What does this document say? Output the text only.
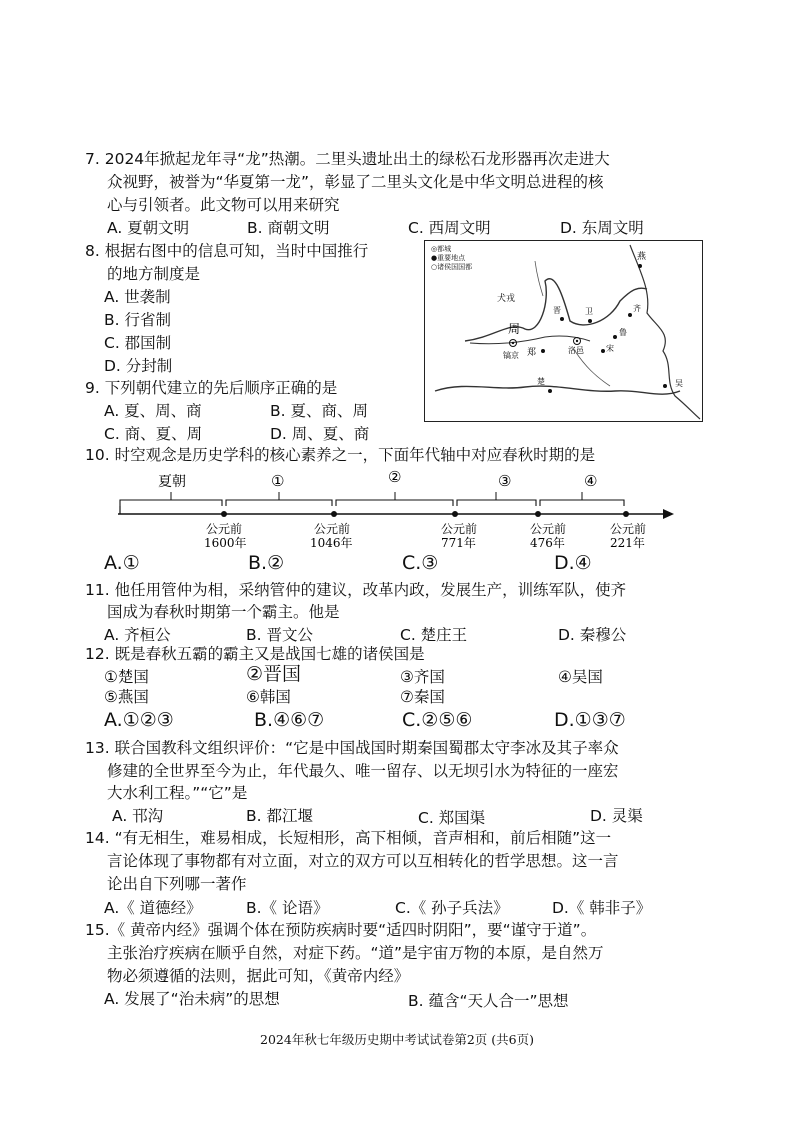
7. 2024年掀起龙年寻“龙”热潮。二里头遗址出土的绿松石龙形器再次走进大
众视野，被誉为“华夏第一龙”，彰显了二里头文化是中华文明总进程的核
心与引领者。此文物可以用来研究
A. 夏朝文明	B. 商朝文明	C. 西周文明	D. 东周文明
8. 根据右图中的信息可知，当时中国推行
的地方制度是
A. 世袭制
B. 行省制
C. 郡国制
D. 分封制
燕
犬戎
周
镐京 郑
晋	卫
洛邑
齐
鲁
宋
楚	吴
◎都城
●重要地点
○诸侯国国都
9. 下列朝代建立的先后顺序正确的是
A. 夏、周、商	B. 夏、商、周
C. 商、夏、周	D. 周、夏、商
10. 时空观念是历史学科的核心素养之一，下面年代轴中对应春秋时期的是
夏朝	①	②	③	④
公元前
1600年
公元前
1046年
公元前
771年
公元前
476年
公元前
221年
A.①	B.②	C.③	D.④
11. 他任用管仲为相，采纳管仲的建议，改革内政，发展生产，训练军队，使齐
国成为春秋时期第一个霸主。他是
A. 齐桓公	B. 晋文公	C. 楚庄王	D. 秦穆公
12. 既是春秋五霸的霸主又是战国七雄的诸侯国是
①楚国	②晋国	③齐国	④吴国
⑤燕国	⑥韩国	⑦秦国
A.①②③	B.④⑥⑦	C.②⑤⑥	D.①③⑦
13. 联合国教科文组织评价：“它是中国战国时期秦国蜀郡太守李冰及其子率众
修建的全世界至今为止，年代最久、唯一留存、以无坝引水为特征的一座宏
大水利工程。”“它”是
A. 邗沟	B. 都江堰	C. 郑国渠	D. 灵渠
14. “有无相生，难易相成，长短相形，高下相倾，音声相和，前后相随”这一
言论体现了事物都有对立面，对立的双方可以互相转化的哲学思想。这一言
论出自下列哪一著作
A.《 道德经》	B.《 论语》	C.《 孙子兵法》	D.《 韩非子》
15.《 黄帝内经》强调个体在预防疾病时要“适四时阴阳”，要“谨守于道”。
主张治疗疾病在顺乎自然，对症下药。“道”是宇宙万物的本原，是自然万
物必须遵循的法则，据此可知，《黄帝内经》
A. 发展了“治未病”的思想	B. 蕴含“天人合一”思想
2024年秋七年级历史期中考试试卷第2页 (共6页)
